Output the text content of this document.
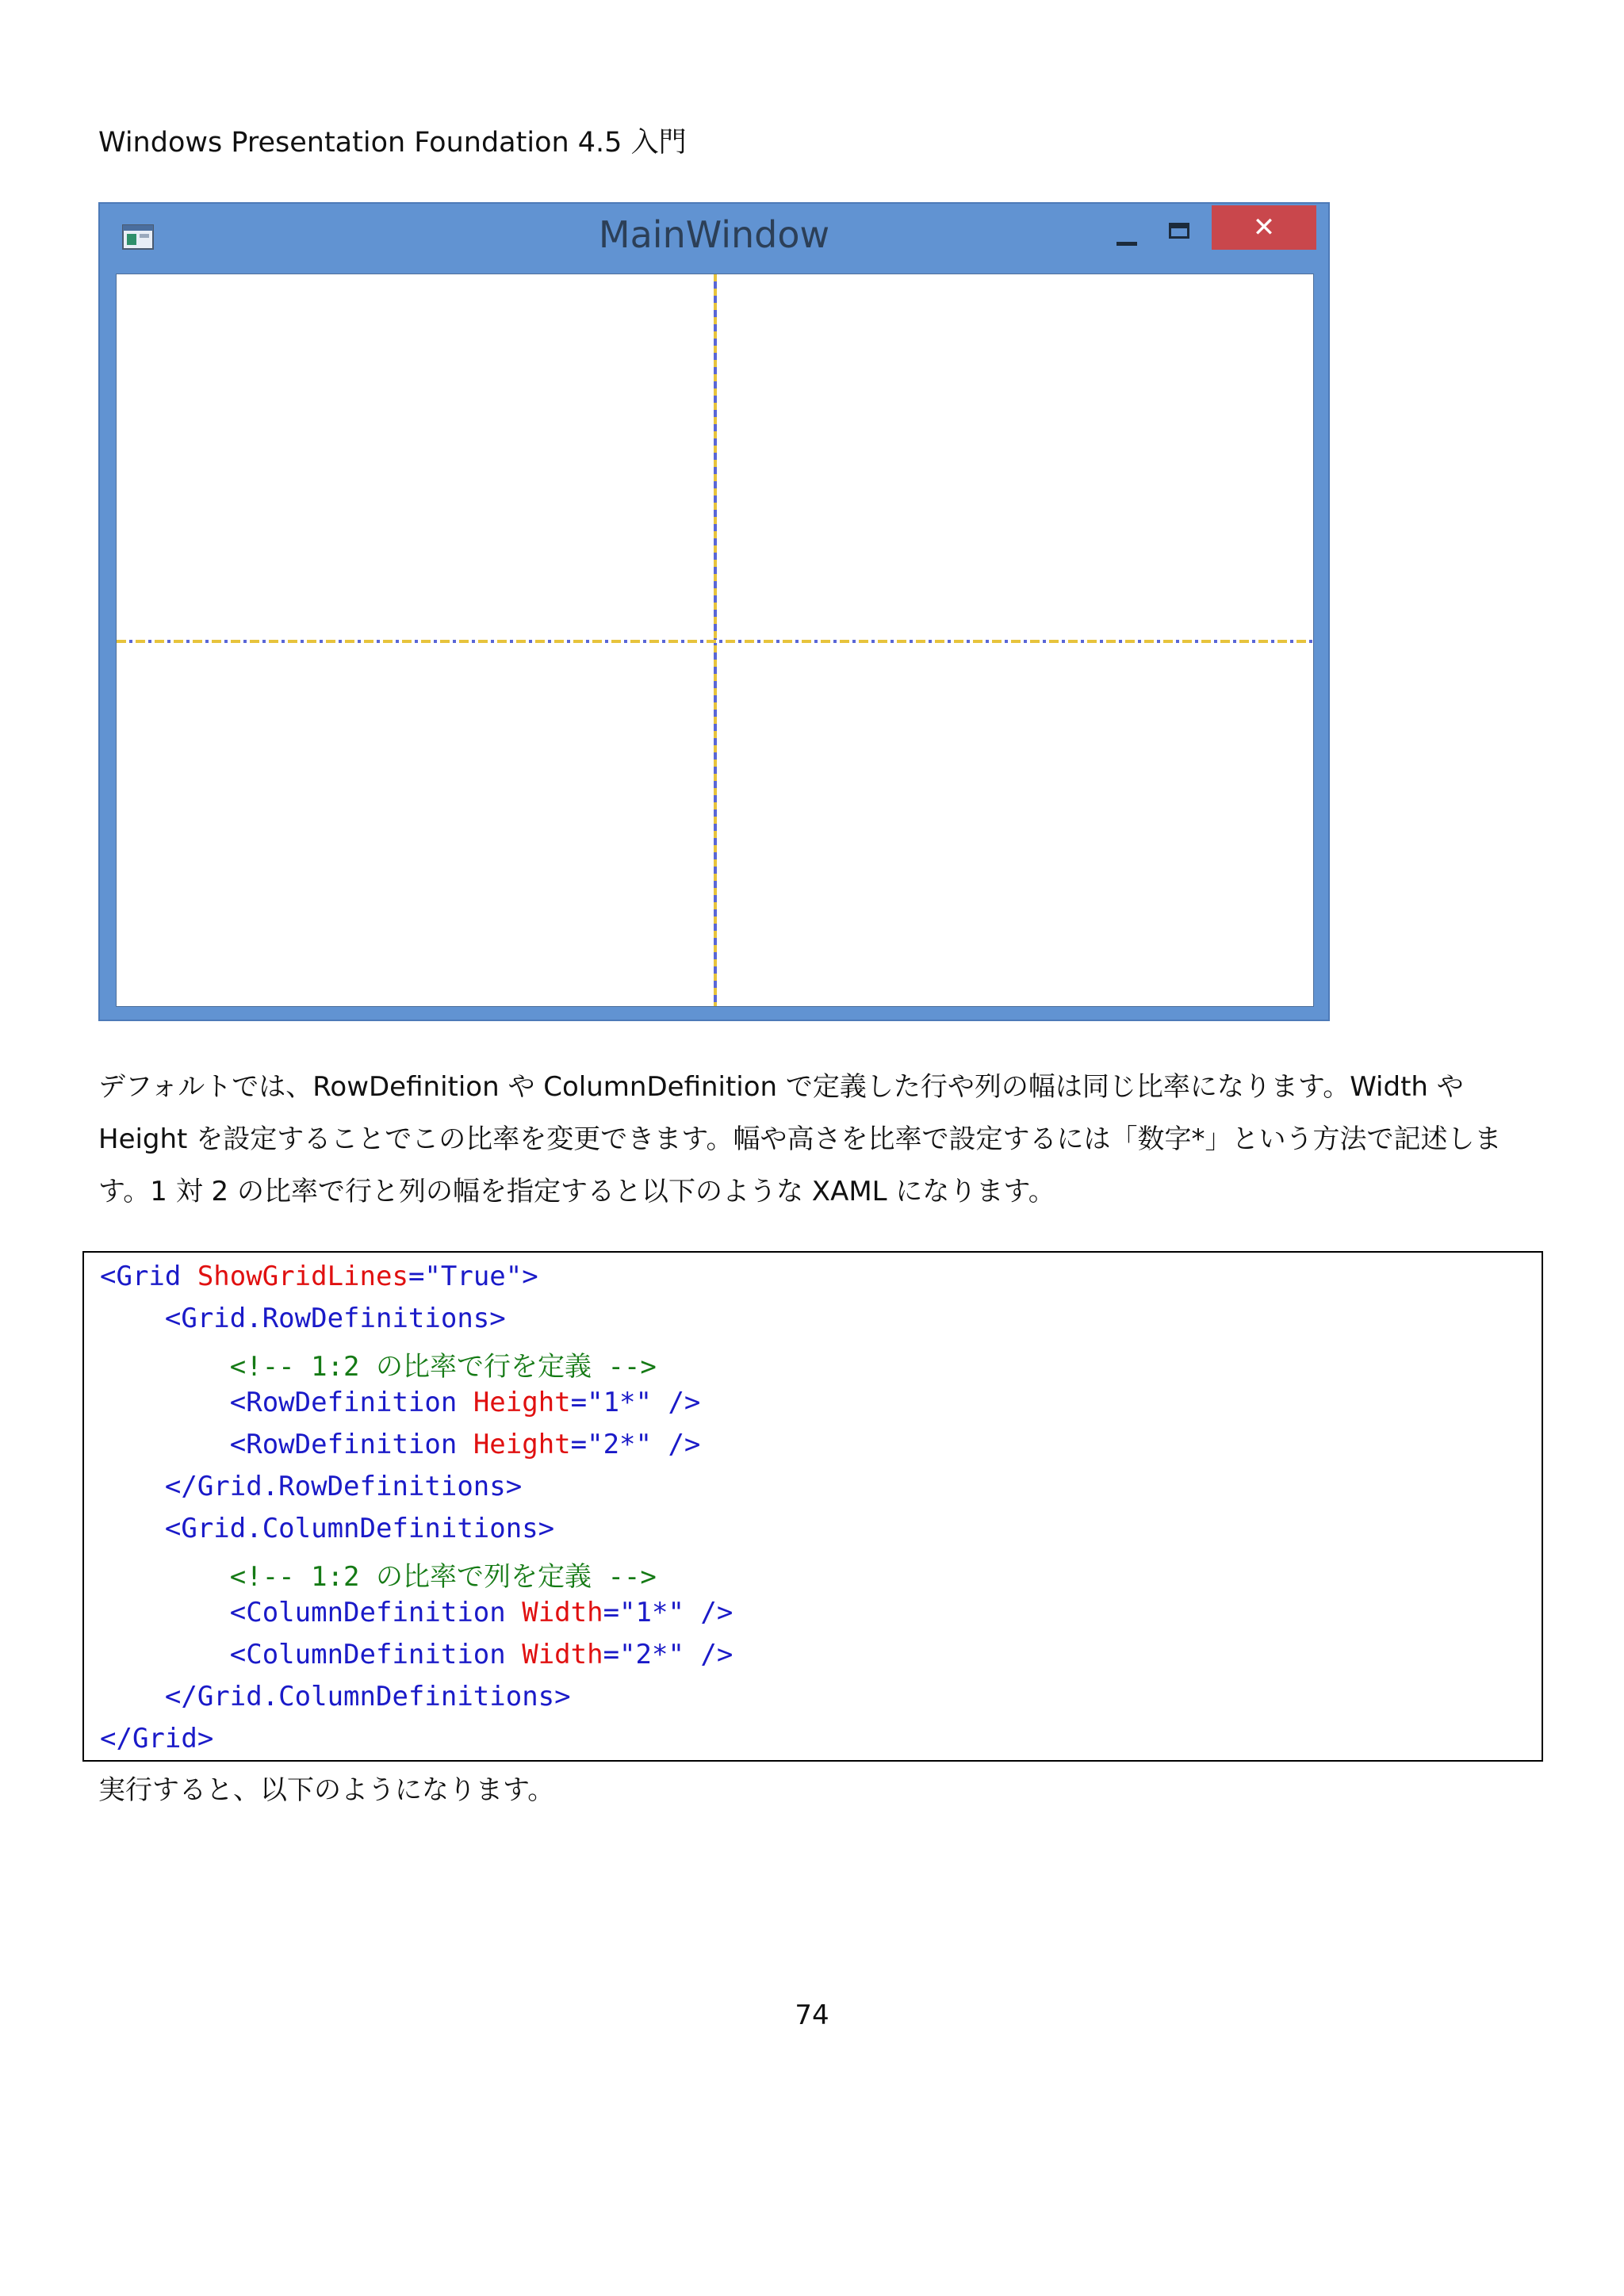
Windows Presentation Foundation 4.5 入門
MainWindow	✕
デフォルトでは、RowDefinition や ColumnDefinition で定義した行や列の幅は同じ比率になります。Width や Height を設定することでこの比率を変更できます。幅や高さを比率で設定するには「数字*」という方法で記述します。1 対 2 の比率で行と列の幅を指定すると以下のような XAML になります。
<Grid ShowGridLines="True">
<Grid.RowDefinitions>
<!-- 1:2 の比率で行を定義 -->
<RowDefinition Height="1*" />
<RowDefinition Height="2*" />
</Grid.RowDefinitions>
<Grid.ColumnDefinitions>
<!-- 1:2 の比率で列を定義 -->
<ColumnDefinition Width="1*" />
<ColumnDefinition Width="2*" />
</Grid.ColumnDefinitions>
</Grid>
実行すると、以下のようになります。
74
